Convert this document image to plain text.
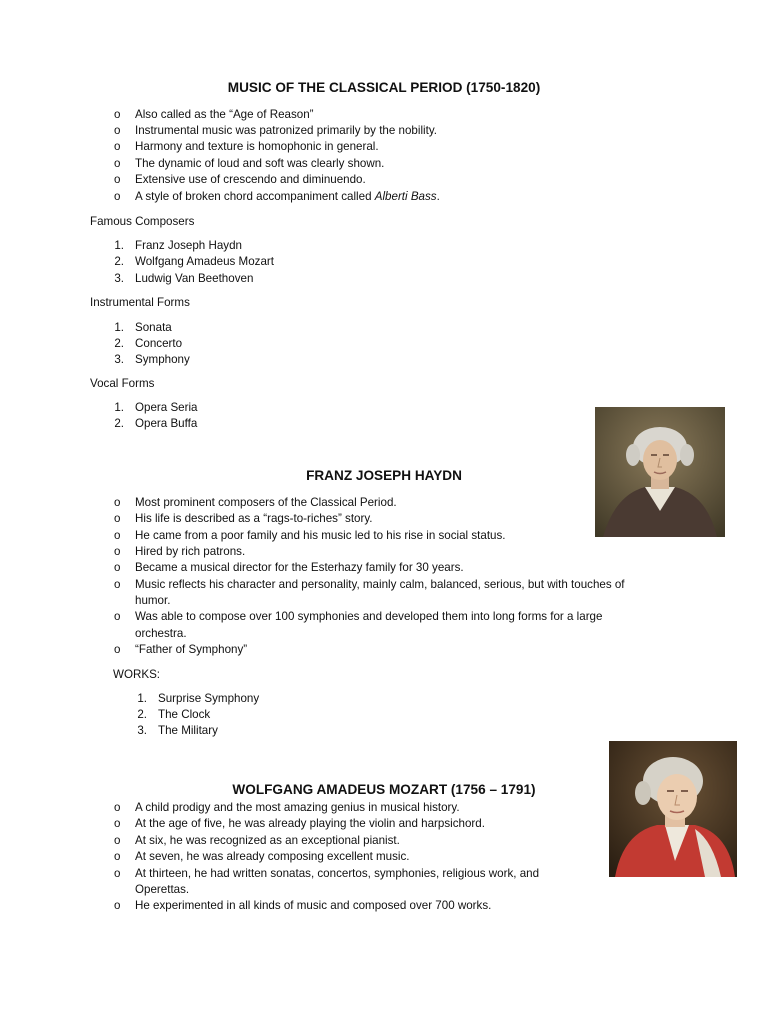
MUSIC OF THE CLASSICAL PERIOD (1750-1820)
o Also called as the “Age of Reason”
o Instrumental music was patronized primarily by the nobility.
o Harmony and texture is homophonic in general.
o The dynamic of loud and soft was clearly shown.
o Extensive use of crescendo and diminuendo.
o A style of broken chord accompaniment called Alberti Bass.
Famous Composers
1. Franz Joseph Haydn
2. Wolfgang Amadeus Mozart
3. Ludwig Van Beethoven
Instrumental Forms
1. Sonata
2. Concerto
3. Symphony
Vocal Forms
1. Opera Seria
2. Opera Buffa
FRANZ JOSEPH HAYDN
o Most prominent composers of the Classical Period.
o His life is described as a “rags-to-riches” story.
o He came from a poor family and his music led to his rise in social status.
o Hired by rich patrons.
o Became a musical director for the Esterhazy family for 30 years.
o Music reflects his character and personality, mainly calm, balanced, serious, but with touches of
humor.
o Was able to compose over 100 symphonies and developed them into long forms for a large
orchestra.
o “Father of Symphony”
WORKS:
1. Surprise Symphony
2. The Clock
3. The Military
WOLFGANG AMADEUS MOZART (1756 – 1791)
o A child prodigy and the most amazing genius in musical history.
o At the age of five, he was already playing the violin and harpsichord.
o At six, he was recognized as an exceptional pianist.
o At seven, he was already composing excellent music.
o At thirteen, he had written sonatas, concertos, symphonies, religious work, and
Operettas.
o He experimented in all kinds of music and composed over 700 works.
